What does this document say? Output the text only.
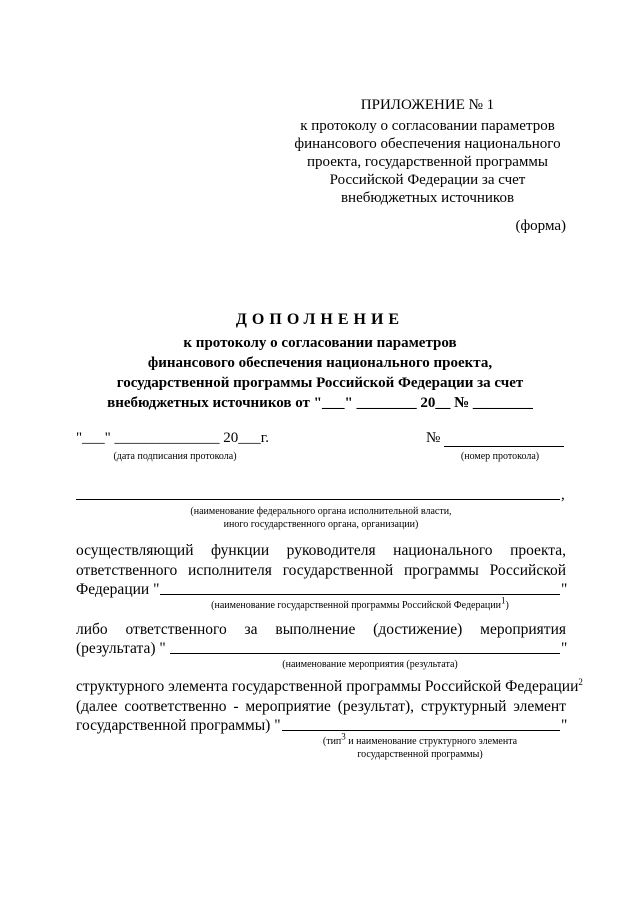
ПРИЛОЖЕНИЕ № 1
к протоколу о согласовании параметров
финансового обеспечения национального
проекта, государственной программы
Российской Федерации за счет
внебюджетных источников
(форма)
ДОПОЛНЕНИЕ
к протоколу о согласовании параметров
финансового обеспечения национального проекта,
государственной программы Российской Федерации за счет
внебюджетных источников от "___" ________ 20__ № ________
"___" ______________ 20___г.
(дата подписания протокола)
№
(номер протокола)
,
(наименование федерального органа исполнительной власти,
иного государственного органа, организации)
осуществляющий функции руководителя национального проекта,
ответственного исполнителя государственной программы Российской
Федерации "	"
(наименование государственной программы Российской Федерации1)
либо ответственного за выполнение (достижение) мероприятия
(результата) "	"
(наименование мероприятия (результата)
структурного элемента государственной программы Российской Федерации$^2$
(далее соответственно - мероприятие (результат), структурный элемент
государственной программы) "	"
(тип3 и наименование структурного элемента
государственной программы)
